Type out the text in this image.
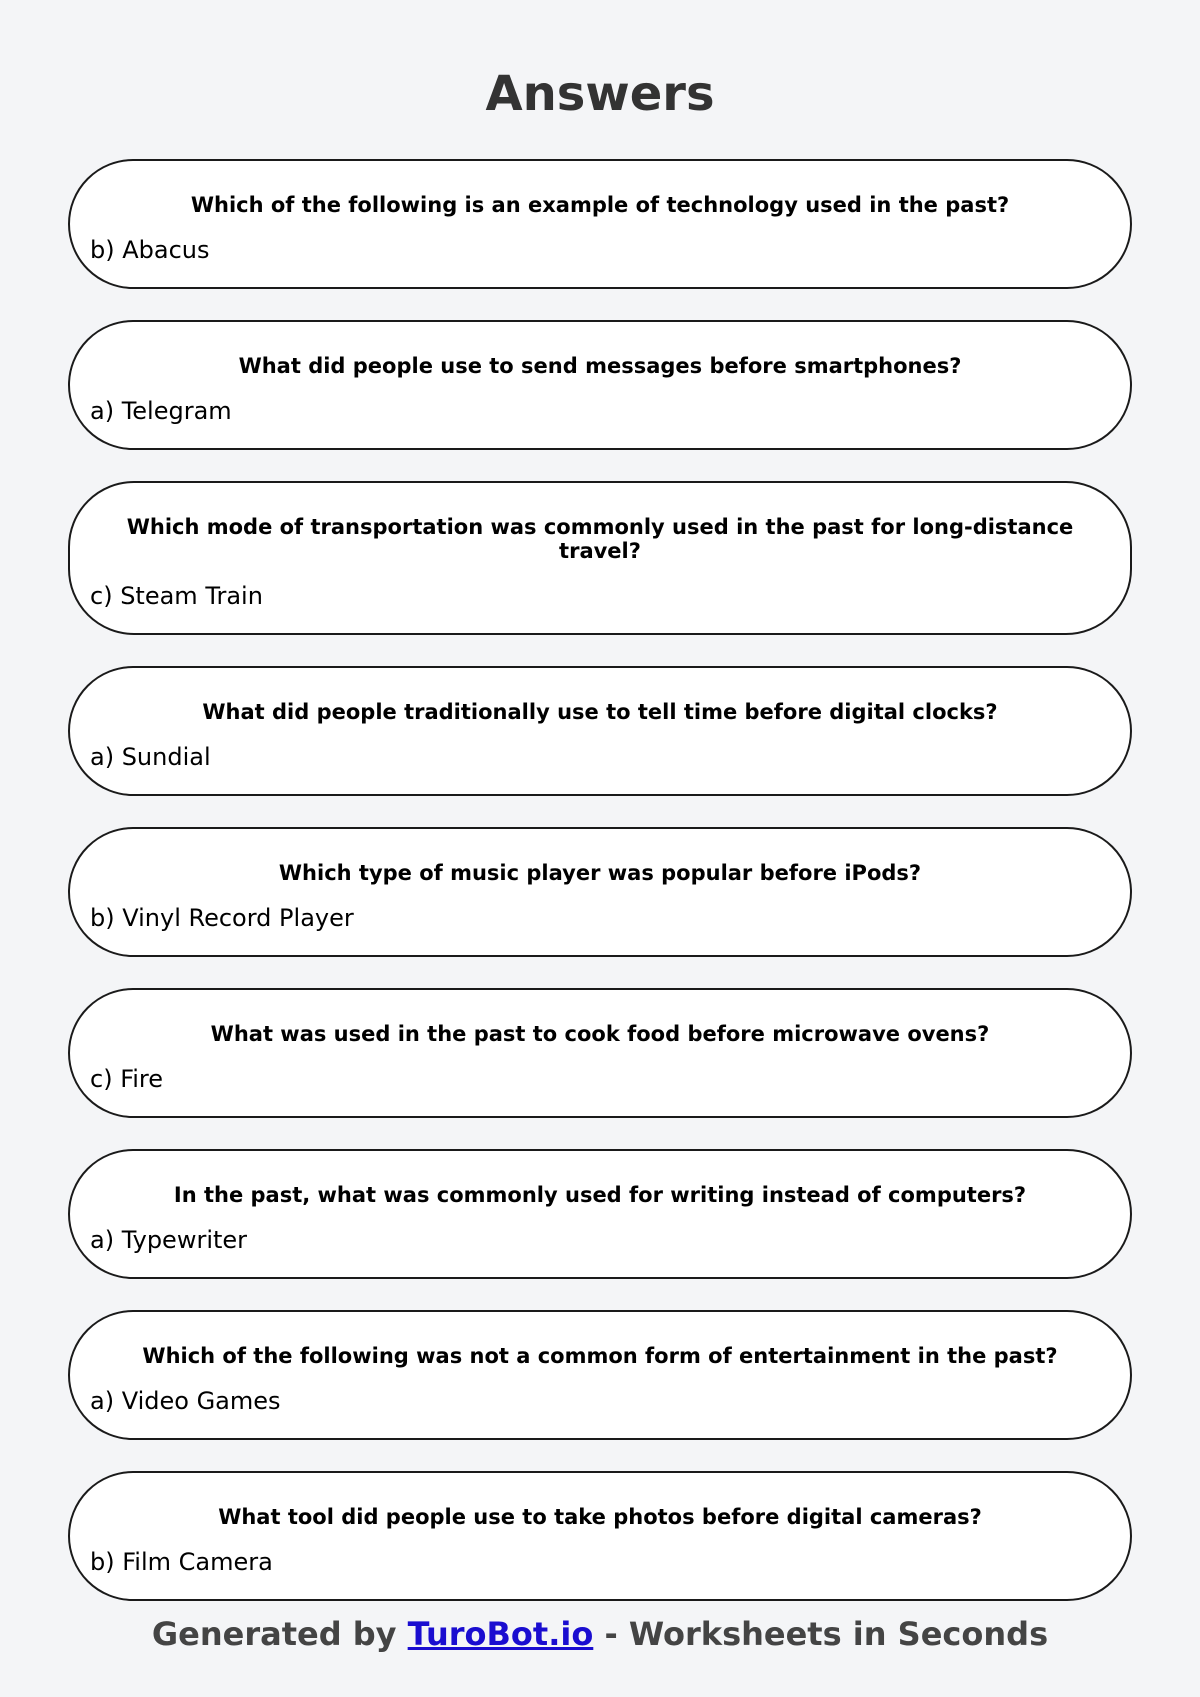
Answers

Which of the following is an example of technology used in the past?

b) Abacus

What did people use to send messages before smartphones?

a) Telegram

Which mode of transportation was commonly used in the past for long-distance travel?

c) Steam Train

What did people traditionally use to tell time before digital clocks?

a) Sundial

Which type of music player was popular before iPods?

b) Vinyl Record Player

What was used in the past to cook food before microwave ovens?

c) Fire

In the past, what was commonly used for writing instead of computers?

a) Typewriter

Which of the following was not a common form of entertainment in the past?

a) Video Games

What tool did people use to take photos before digital cameras?

b) Film Camera

Generated by TuroBot.io - Worksheets in Seconds
